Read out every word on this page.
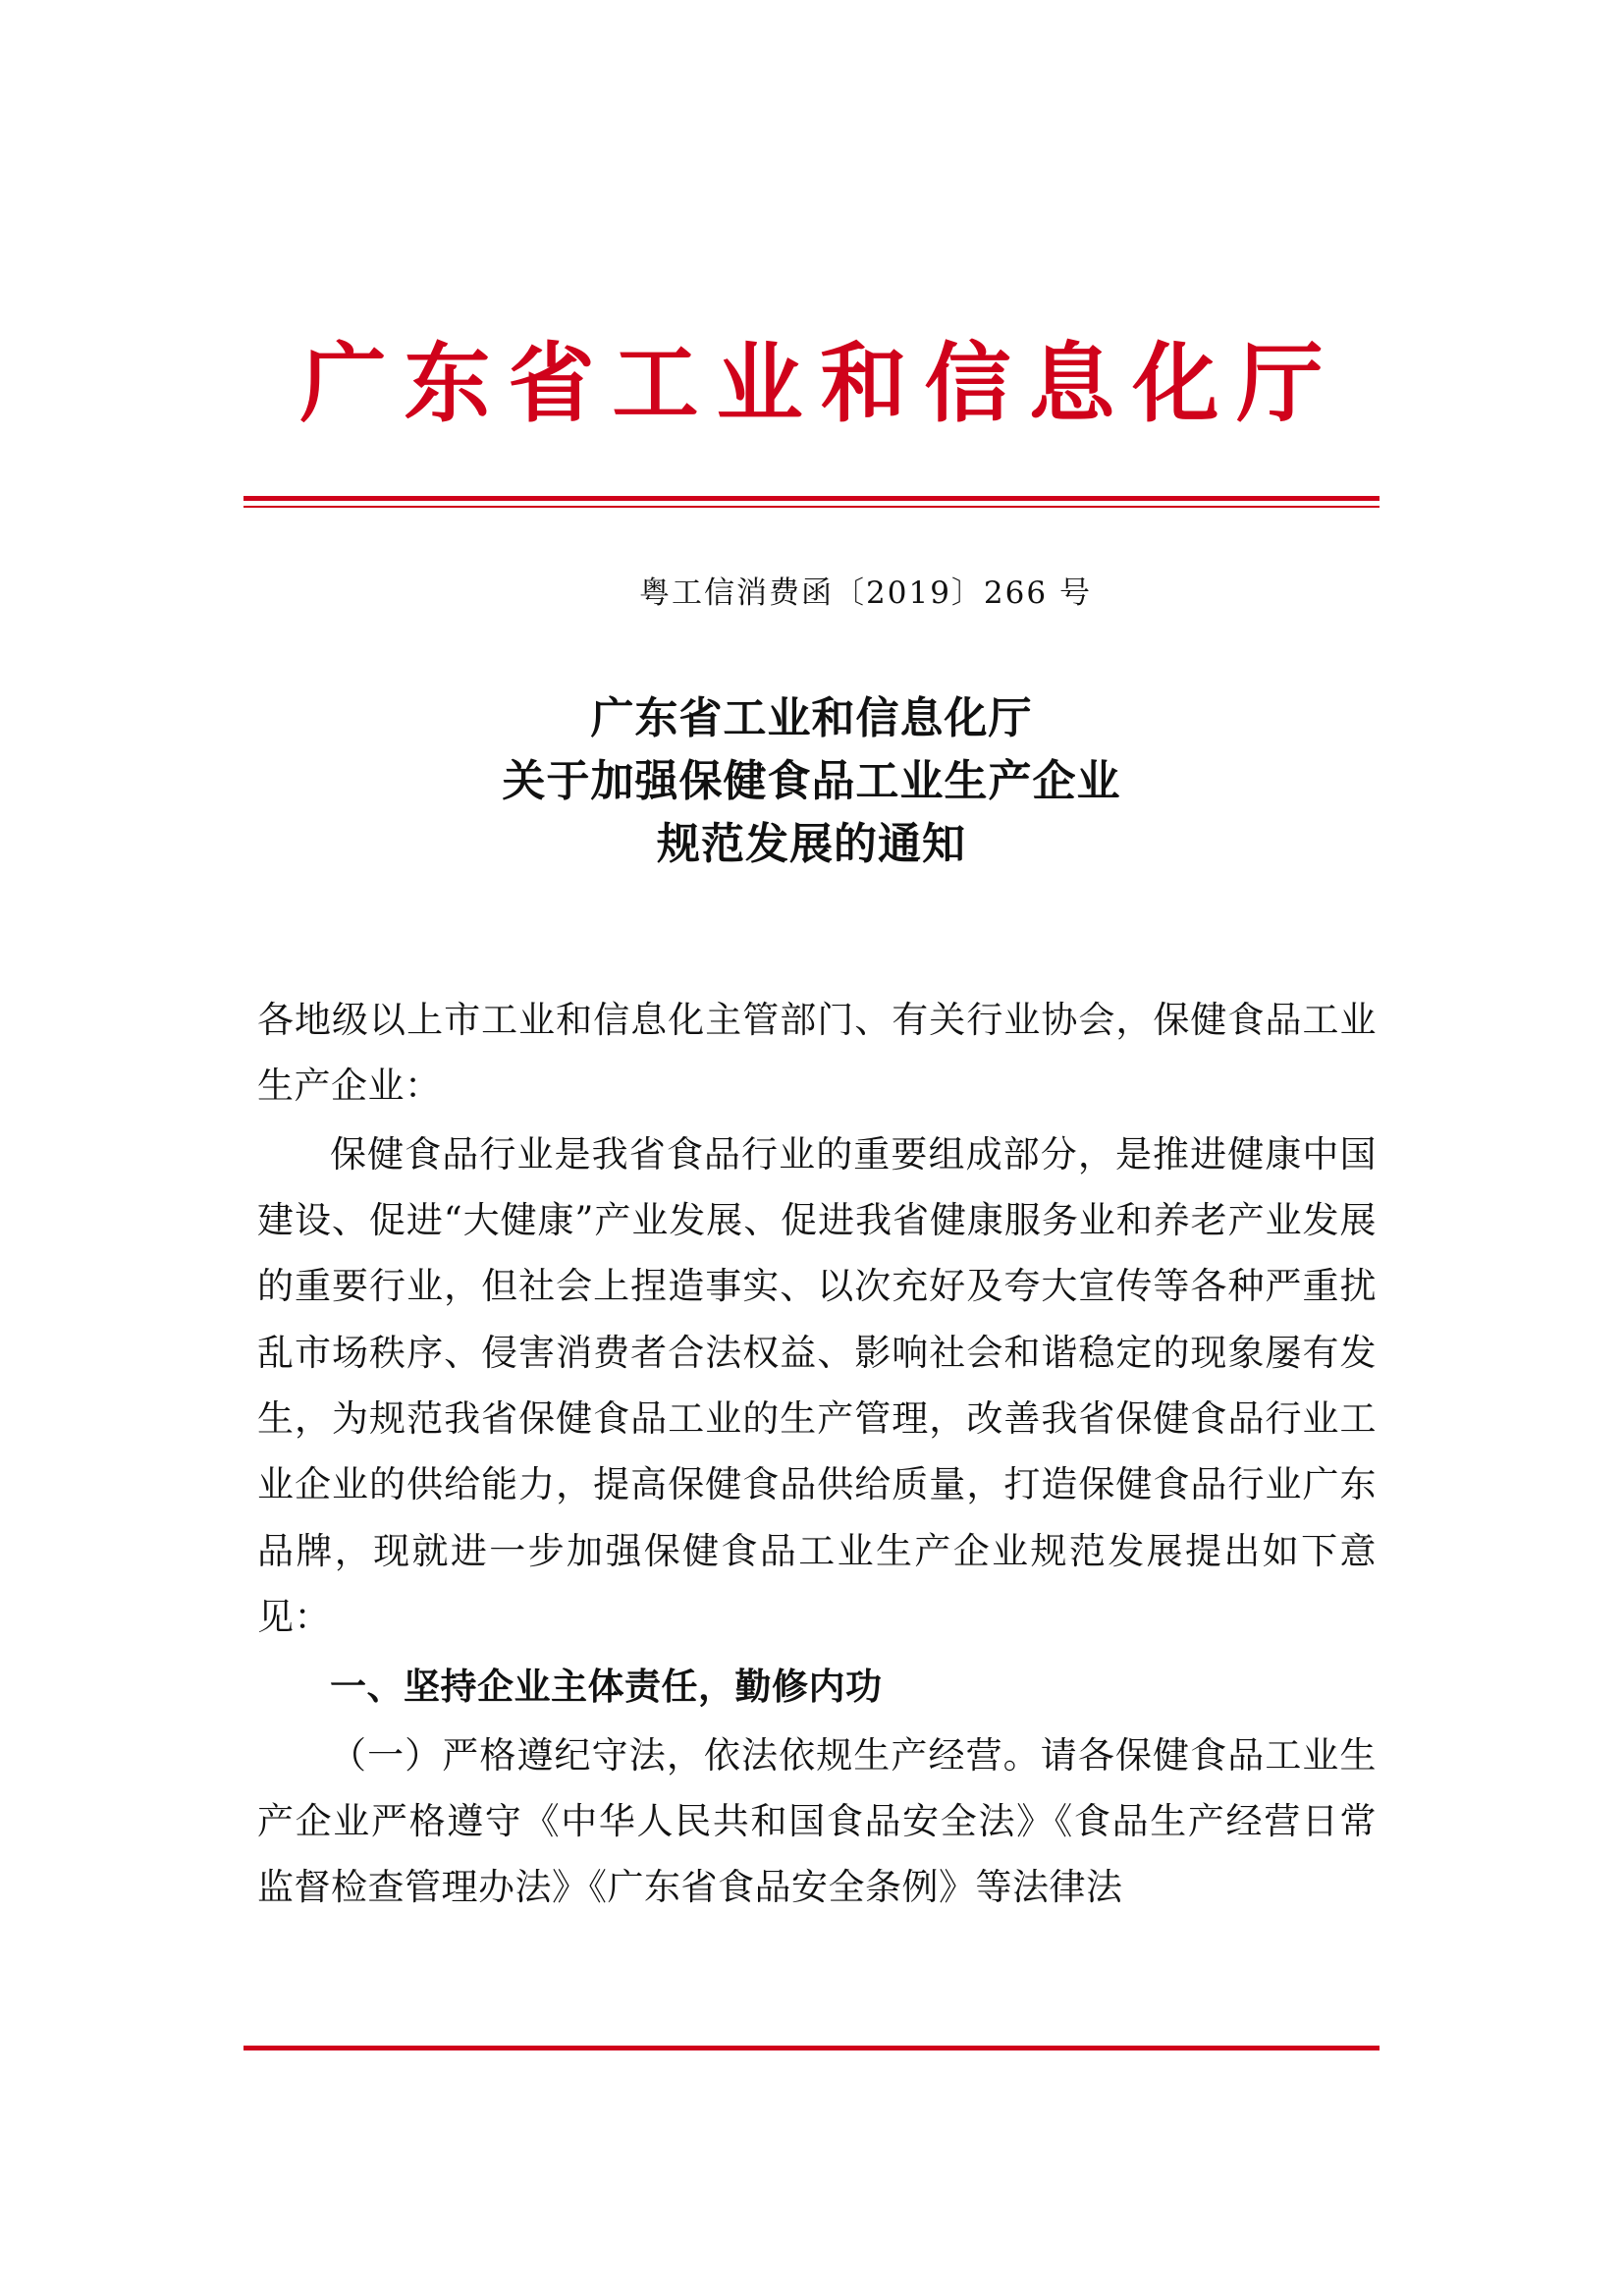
广东省工业和信息化厅
粤工信消费函〔2019〕266 号
广东省工业和信息化厅
关于加强保健食品工业生产企业
规范发展的通知

各地级以上市工业和信息化主管部门、有关行业协会，保健食品工业生产企业：

保健食品行业是我省食品行业的重要组成部分，是推进健康中国建设、促进“大健康”产业发展、促进我省健康服务业和养老产业发展的重要行业，但社会上捏造事实、以次充好及夸大宣传等各种严重扰乱市场秩序、侵害消费者合法权益、影响社会和谐稳定的现象屡有发生，为规范我省保健食品工业的生产管理，改善我省保健食品行业工业企业的供给能力，提高保健食品供给质量，打造保健食品行业广东品牌，现就进一步加强保健食品工业生产企业规范发展提出如下意见：

一、坚持企业主体责任，勤修内功

（一）严格遵纪守法，依法依规生产经营。请各保健食品工业生产企业严格遵守《中华人民共和国食品安全法》《食品生产经营日常监督检查管理办法》《广东省食品安全条例》等法律法
